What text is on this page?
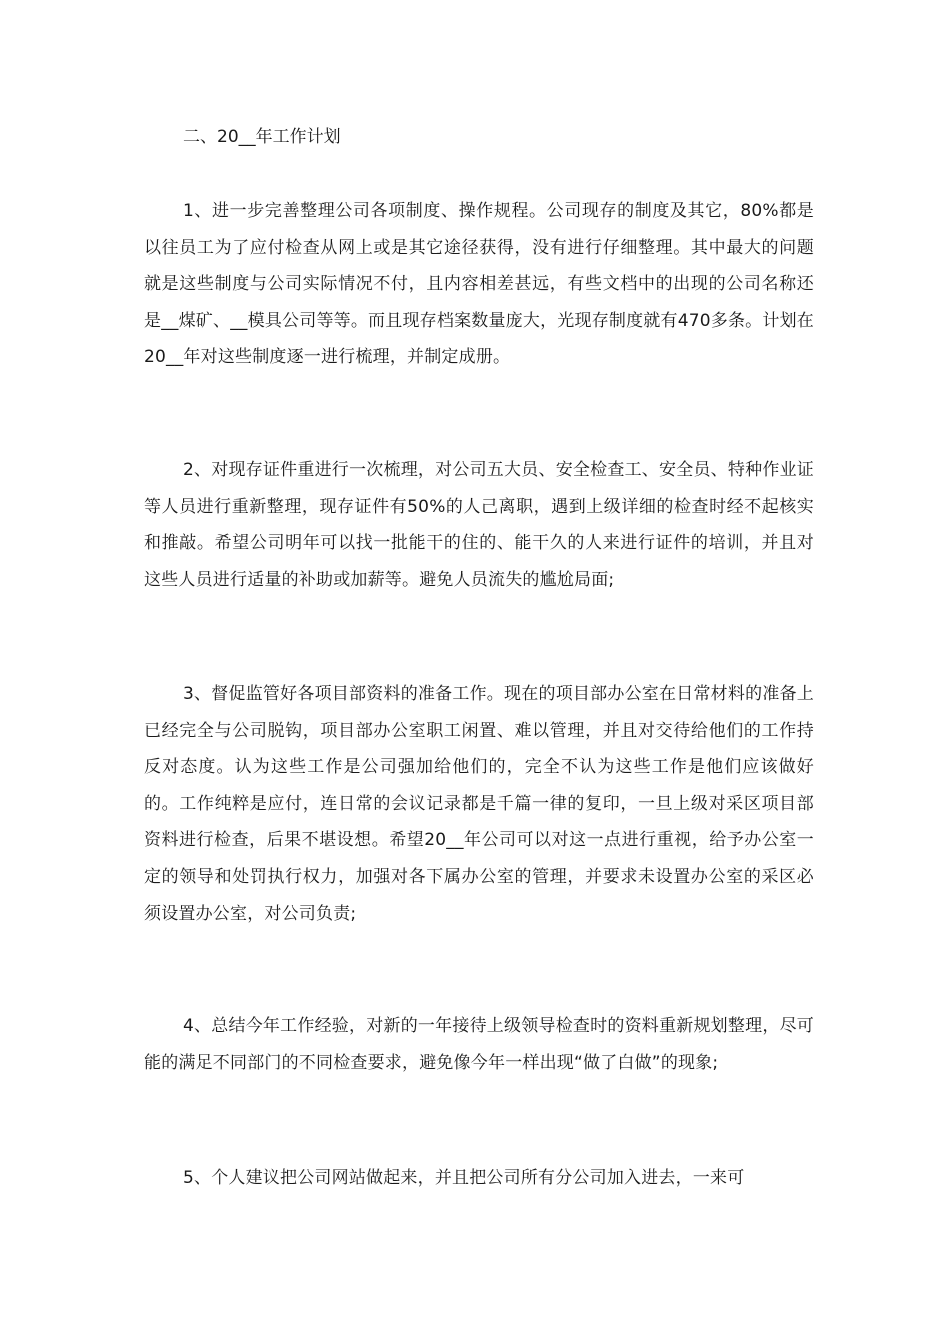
二、20__年工作计划

1、进一步完善整理公司各项制度、操作规程。公司现存的制度及其它，80%都是以往员工为了应付检查从网上或是其它途径获得，没有进行仔细整理。其中最大的问题就是这些制度与公司实际情况不付，且内容相差甚远，有些文档中的出现的公司名称还是__煤矿、__模具公司等等。而且现存档案数量庞大，光现存制度就有470多条。计划在20__年对这些制度逐一进行梳理，并制定成册。

2、对现存证件重进行一次梳理，对公司五大员、安全检查工、安全员、特种作业证等人员进行重新整理，现存证件有50%的人己离职，遇到上级详细的检查时经不起核实和推敲。希望公司明年可以找一批能干的住的、能干久的人来进行证件的培训，并且对这些人员进行适量的补助或加薪等。避免人员流失的尴尬局面;

3、督促监管好各项目部资料的准备工作。现在的项目部办公室在日常材料的准备上已经完全与公司脱钩，项目部办公室职工闲置、难以管理，并且对交待给他们的工作持反对态度。认为这些工作是公司强加给他们的，完全不认为这些工作是他们应该做好的。工作纯粹是应付，连日常的会议记录都是千篇一律的复印，一旦上级对采区项目部资料进行检查，后果不堪设想。希望20__年公司可以对这一点进行重视，给予办公室一定的领导和处罚执行权力，加强对各下属办公室的管理，并要求未设置办公室的采区必须设置办公室，对公司负责;

4、总结今年工作经验，对新的一年接待上级领导检查时的资料重新规划整理，尽可能的满足不同部门的不同检查要求，避免像今年一样出现“做了白做”的现象;

5、个人建议把公司网站做起来，并且把公司所有分公司加入进去，一来可
